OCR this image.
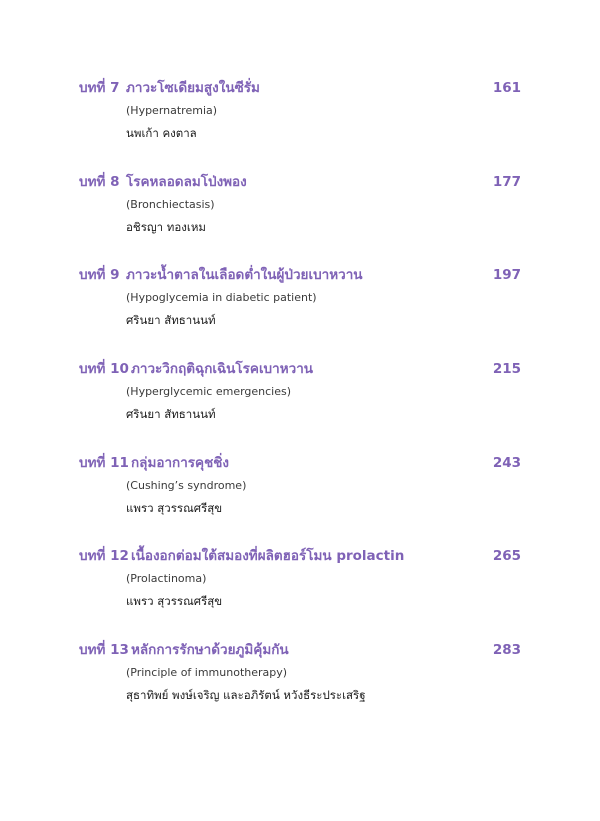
บทที่ 7 ภาวะโซเดียมสูงในซีรั่ม	161
(Hypernatremia)
นพเก้า คงตาล
บทที่ 8 โรคหลอดลมโป่งพอง	177
(Bronchiectasis)
อชิรญา ทองเหม
บทที่ 9 ภาวะน้ำตาลในเลือดต่ำในผู้ป่วยเบาหวาน	197
(Hypoglycemia in diabetic patient)
ศรินยา สัทธานนท์
บทที่ 10 ภาวะวิกฤติฉุกเฉินโรคเบาหวาน	215
(Hyperglycemic emergencies)
ศรินยา สัทธานนท์
บทที่ 11 กลุ่มอาการคุชชิ่ง	243
(Cushing’s syndrome)
แพรว สุวรรณศรีสุข
บทที่ 12 เนื้องอกต่อมใต้สมองที่ผลิตฮอร์โมน prolactin	265
(Prolactinoma)
แพรว สุวรรณศรีสุข
บทที่ 13 หลักการรักษาด้วยภูมิคุ้มกัน	283
(Principle of immunotherapy)
สุธาทิพย์ พงษ์เจริญ และอภิรัตน์ หวังธีระประเสริฐ
